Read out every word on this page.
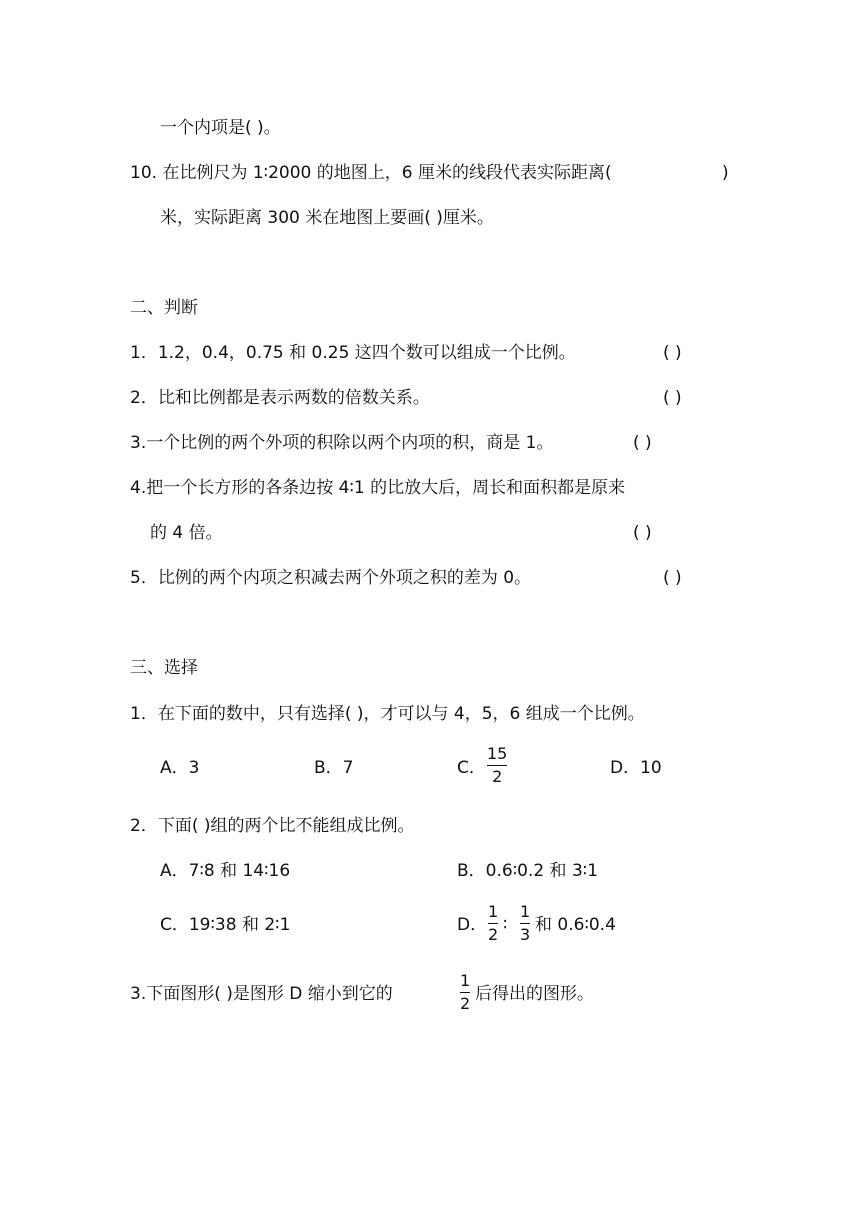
一个内项是( )。
10. 在比例尺为 1∶2000 的地图上，6 厘米的线段代表实际距离(	)
米，实际距离 300 米在地图上要画( )厘米。
二、判断
1．1.2，0.4，0.75 和 0.25 这四个数可以组成一个比例。	( )
2．比和比例都是表示两数的倍数关系。	( )
3.一个比例的两个外项的积除以两个内项的积，商是 1。	( )
4.把一个长方形的各条边按 4∶1 的比放大后，周长和面积都是原来
的 4 倍。	( )
5．比例的两个内项之积减去两个外项之积的差为 0。	( )
三、选择
1．在下面的数中，只有选择( )，才可以与 4，5，6 组成一个比例。
A．3	B．7	C．
15
2	D．10
2．下面( )组的两个比不能组成比例。
A．7∶8 和 14∶16	B．0.6∶0.2 和 3∶1
C．19∶38 和 2∶1	D．
1
2 ∶
1
3 和 0.6∶0.4
3.下面图形( )是图形 D 缩小到它的
1
2 后得出的图形。
